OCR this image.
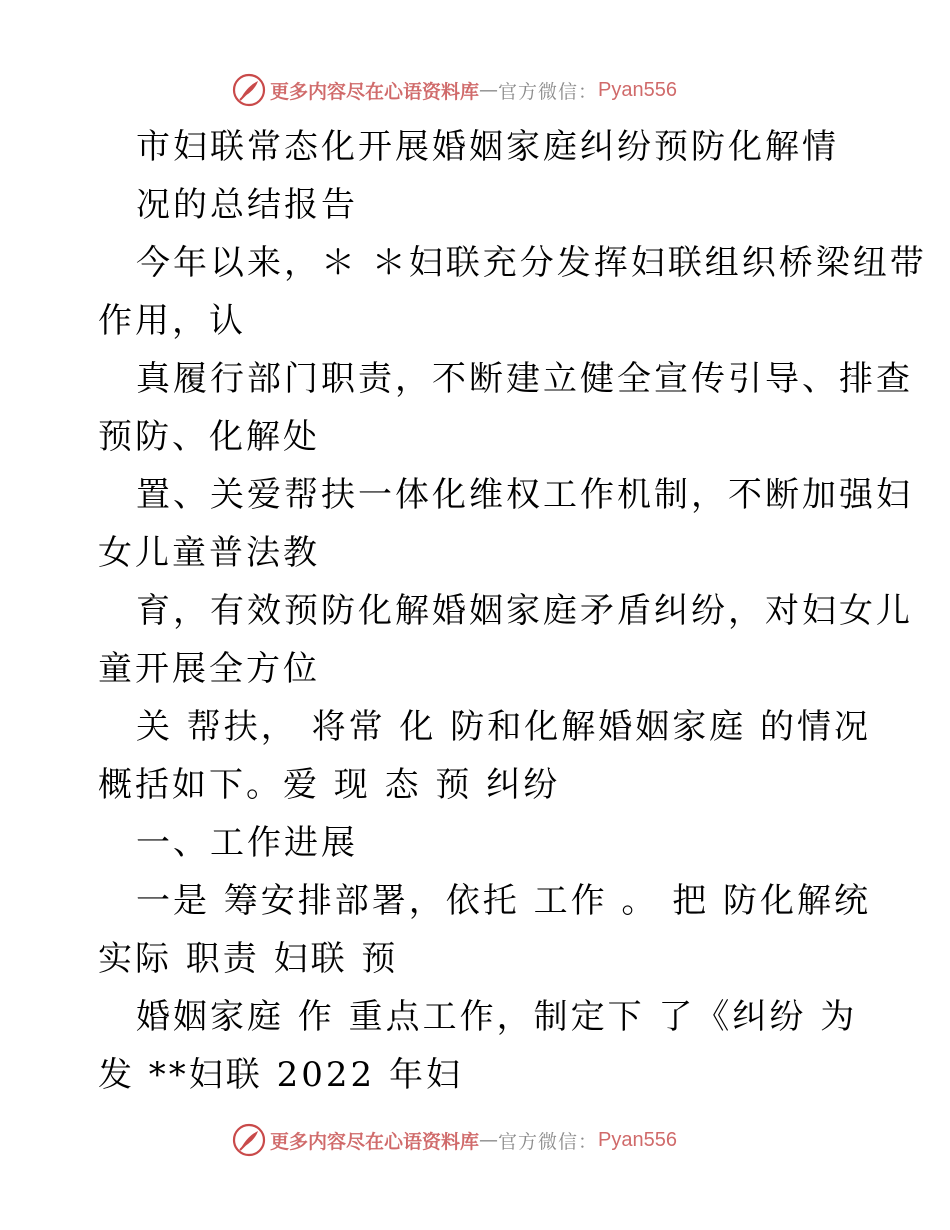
更多内容尽在心语资料库 — 官方微信： Pyan556
市妇联常态化开展婚姻家庭纠纷预防化解情
况的总结报告
今年以来，＊ ＊妇联充分发挥妇联组织桥梁纽带
作用，认
真履行部门职责，不断建立健全宣传引导、排查
预防、化解处
置、关爱帮扶一体化维权工作机制，不断加强妇
女儿童普法教
育，有效预防化解婚姻家庭矛盾纠纷，对妇女儿
童开展全方位
关 帮扶， 将常 化 防和化解婚姻家庭 的情况
概括如下。爱 现 态 预 纠纷
一、工作进展
一是 筹安排部署，依托 工作 。 把 防化解统
实际 职责 妇联 预
婚姻家庭 作 重点工作，制定下 了《纠纷 为
发 **妇联 2022 年妇
更多内容尽在心语资料库 — 官方微信： Pyan556
